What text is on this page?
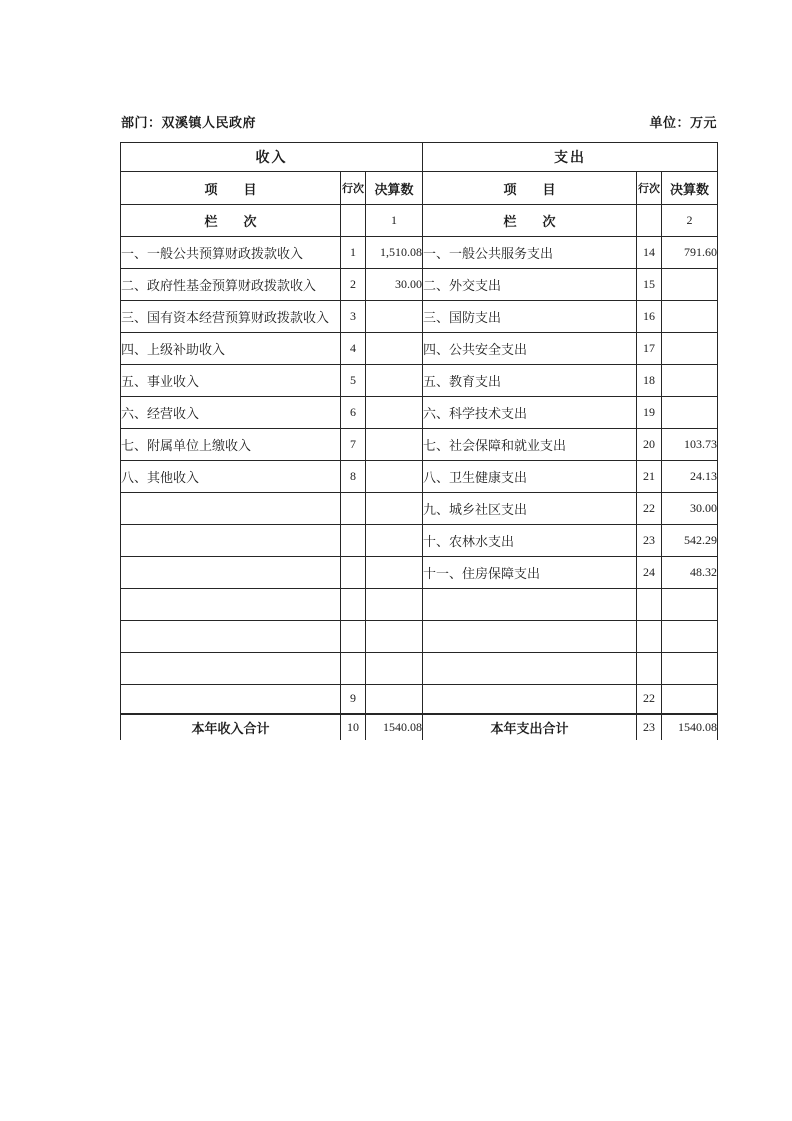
部门：双溪镇人民政府	单位：万元
收入			支出		
项　　目	行次	决算数	项　　目	行次	决算数
栏　　次		1	栏　　次		2
一、一般公共预算财政拨款收入	1	1,510.08	一、一般公共服务支出	14	791.60
二、政府性基金预算财政拨款收入	2	30.00	二、外交支出	15	
三、国有资本经营预算财政拨款收入	3		三、国防支出	16	
四、上级补助收入	4		四、公共安全支出	17	
五、事业收入	5		五、教育支出	18	
六、经营收入	6		六、科学技术支出	19	
七、附属单位上缴收入	7		七、社会保障和就业支出	20	103.73
八、其他收入	8		八、卫生健康支出	21	24.13
			九、城乡社区支出	22	30.00
			十、农林水支出	23	542.29
			十一、住房保障支出	24	48.32

	9			22	
本年收入合计	10	1540.08	本年支出合计	23	1540.08
